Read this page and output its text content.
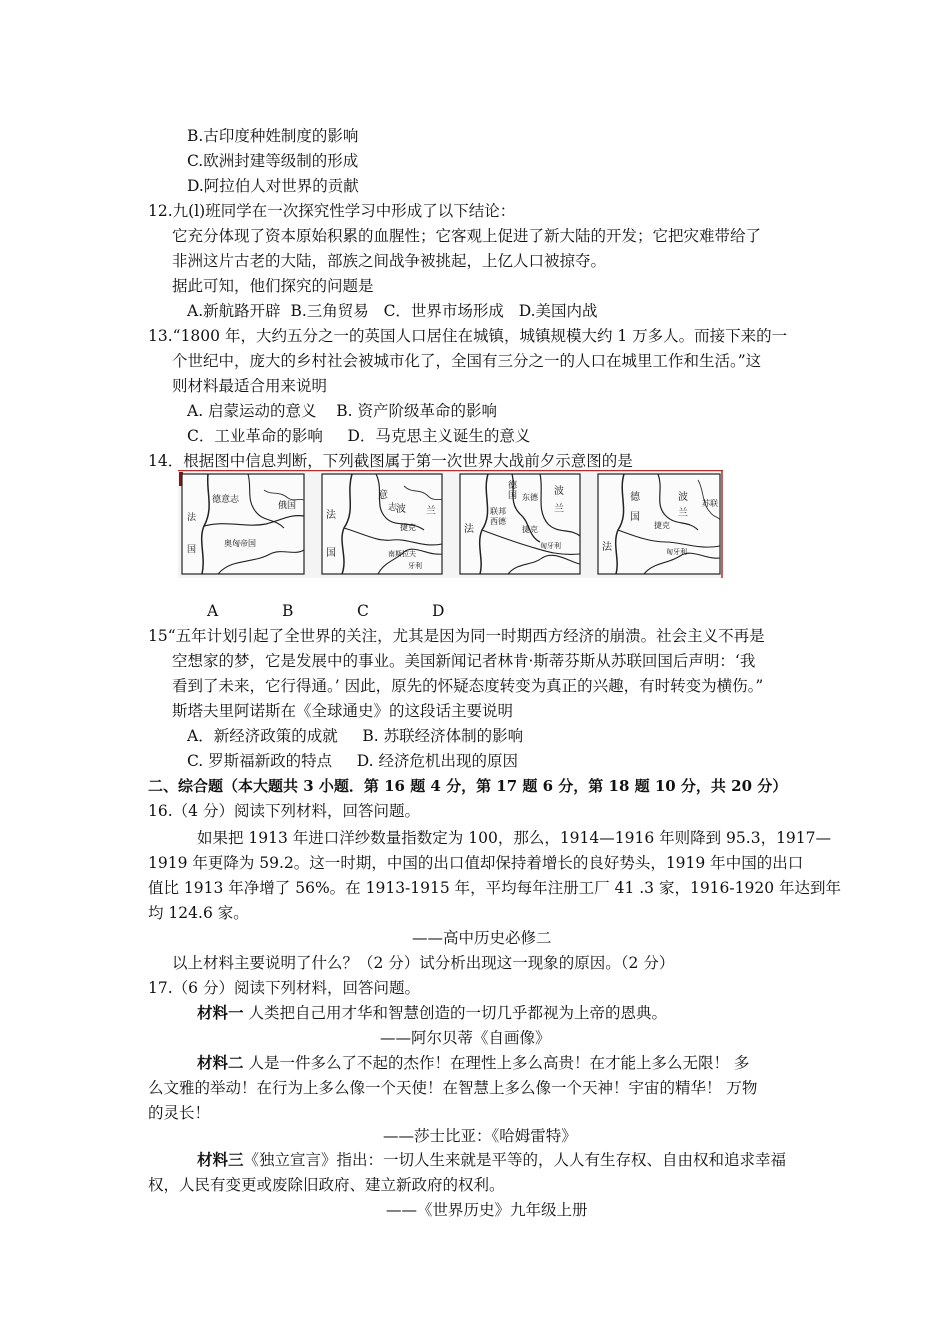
B.古印度种姓制度的影响
C.欧洲封建等级制的形成
D.阿拉伯人对世界的贡献
12.九(l)班同学在一次探究性学习中形成了以下结论：
它充分体现了资本原始积累的血腥性；它客观上促进了新大陆的开发；它把灾难带给了
非洲这片古老的大陆，部族之间战争被挑起，上亿人口被掠夺。
据此可知，他们探究的问题是
A.新航路开辟  B.三角贸易   C．世界市场形成   D.美国内战
13.“1800 年，大约五分之一的英国人口居住在城镇，城镇规模大约 1 万多人。而接下来的一
个世纪中，庞大的乡村社会被城市化了，全国有三分之一的人口在城里工作和生活。”这
则材料最适合用来说明
A. 启蒙运动的意义    B. 资产阶级革命的影响
C．工业革命的影响     D．马克思主义诞生的意义
14．根据图中信息判断，下列截图属于第一次世界大战前夕示意图的是
德意志
俄国
法
国
奥匈帝国
意
法
国
波 兰
捷克
南斯拉夫
志
牙利
德
国
法
波
兰
联邦
西德
东德
捷克
匈牙利
德
国
法
波
兰
捷克
苏联
匈牙利
A	B	C	D
15“五年计划引起了全世界的关注，尤其是因为同一时期西方经济的崩溃。社会主义不再是
空想家的梦，它是发展中的事业。美国新闻记者林肯·斯蒂芬斯从苏联回国后声明：‘我
看到了未来，它行得通。’ 因此，原先的怀疑态度转变为真正的兴趣，有时转变为横伤。”
斯塔夫里阿诺斯在《全球通史》的这段话主要说明
A．新经济政策的成就     B. 苏联经济体制的影响
C. 罗斯福新政的特点     D. 经济危机出现的原因
二、综合题（本大题共 3 小题．第 16 题 4 分，第 17 题 6 分，第 18 题 10 分，共 20 分）
16.（4 分）阅读下列材料，回答问题。
如果把 1913 年进口洋纱数量指数定为 100，那么，1914—1916 年则降到 95.3，1917—
1919 年更降为 59.2。这一时期，中国的出口值却保持着增长的良好势头，1919 年中国的出口
值比 1913 年净增了 56%。在 1913-1915 年，平均每年注册工厂 41 .3 家，1916-1920 年达到年
均 124.6 家。
——高中历史必修二
以上材料主要说明了什么？（2 分）试分析出现这一现象的原因。（2 分）
17.（6 分）阅读下列材料，回答问题。
材料一 人类把自己用才华和智慧创造的一切几乎都视为上帝的恩典。
——阿尔贝蒂《自画像》
材料二 人是一件多么了不起的杰作！在理性上多么高贵！在才能上多么无限！ 多
么文雅的举动！在行为上多么像一个天使！在智慧上多么像一个天神！宇宙的精华！ 万物
的灵长！
——莎士比亚：《哈姆雷特》
材料三《独立宣言》指出：一切人生来就是平等的，人人有生存权、自由权和追求幸福
权，人民有变更或废除旧政府、建立新政府的权利。
——《世界历史》九年级上册
